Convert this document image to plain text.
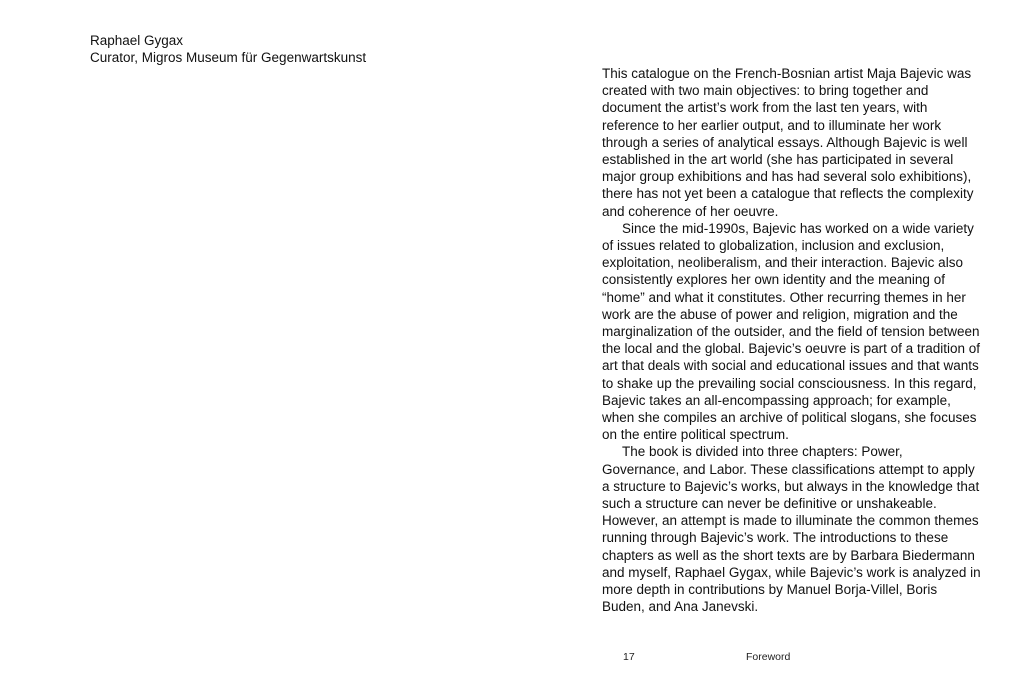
Raphael Gygax
Curator, Migros Museum für Gegenwartskunst

This catalogue on the French-Bosnian artist Maja Bajevic was created with two main objectives: to bring together and document the artist’s work from the last ten years, with reference to her earlier output, and to illuminate her work through a series of analytical essays. Although Bajevic is well established in the art world (she has participated in several major group exhibitions and has had several solo exhibitions), there has not yet been a catalogue that reflects the complexity and coherence of her oeuvre.

Since the mid-1990s, Bajevic has worked on a wide variety of issues related to globalization, inclusion and exclusion, exploitation, neoliberalism, and their interaction. Bajevic also consistently explores her own identity and the meaning of “home” and what it constitutes. Other recurring themes in her work are the abuse of power and religion, migration and the marginalization of the outsider, and the field of tension between the local and the global. Bajevic’s oeuvre is part of a tradition of art that deals with social and educational issues and that wants to shake up the prevailing social consciousness. In this regard, Bajevic takes an all-encompassing approach; for example, when she compiles an archive of political slogans, she focuses on the entire political spectrum.

The book is divided into three chapters: Power, Governance, and Labor. These classifications attempt to apply a structure to Bajevic’s works, but always in the knowledge that such a structure can never be definitive or unshakeable. However, an attempt is made to illuminate the common themes running through Bajevic’s work. The introductions to these chapters as well as the short texts are by Barbara Biedermann and myself, Raphael Gygax, while Bajevic’s work is analyzed in more depth in contributions by Manuel Borja-Villel, Boris Buden, and Ana Janevski.

17	Foreword
